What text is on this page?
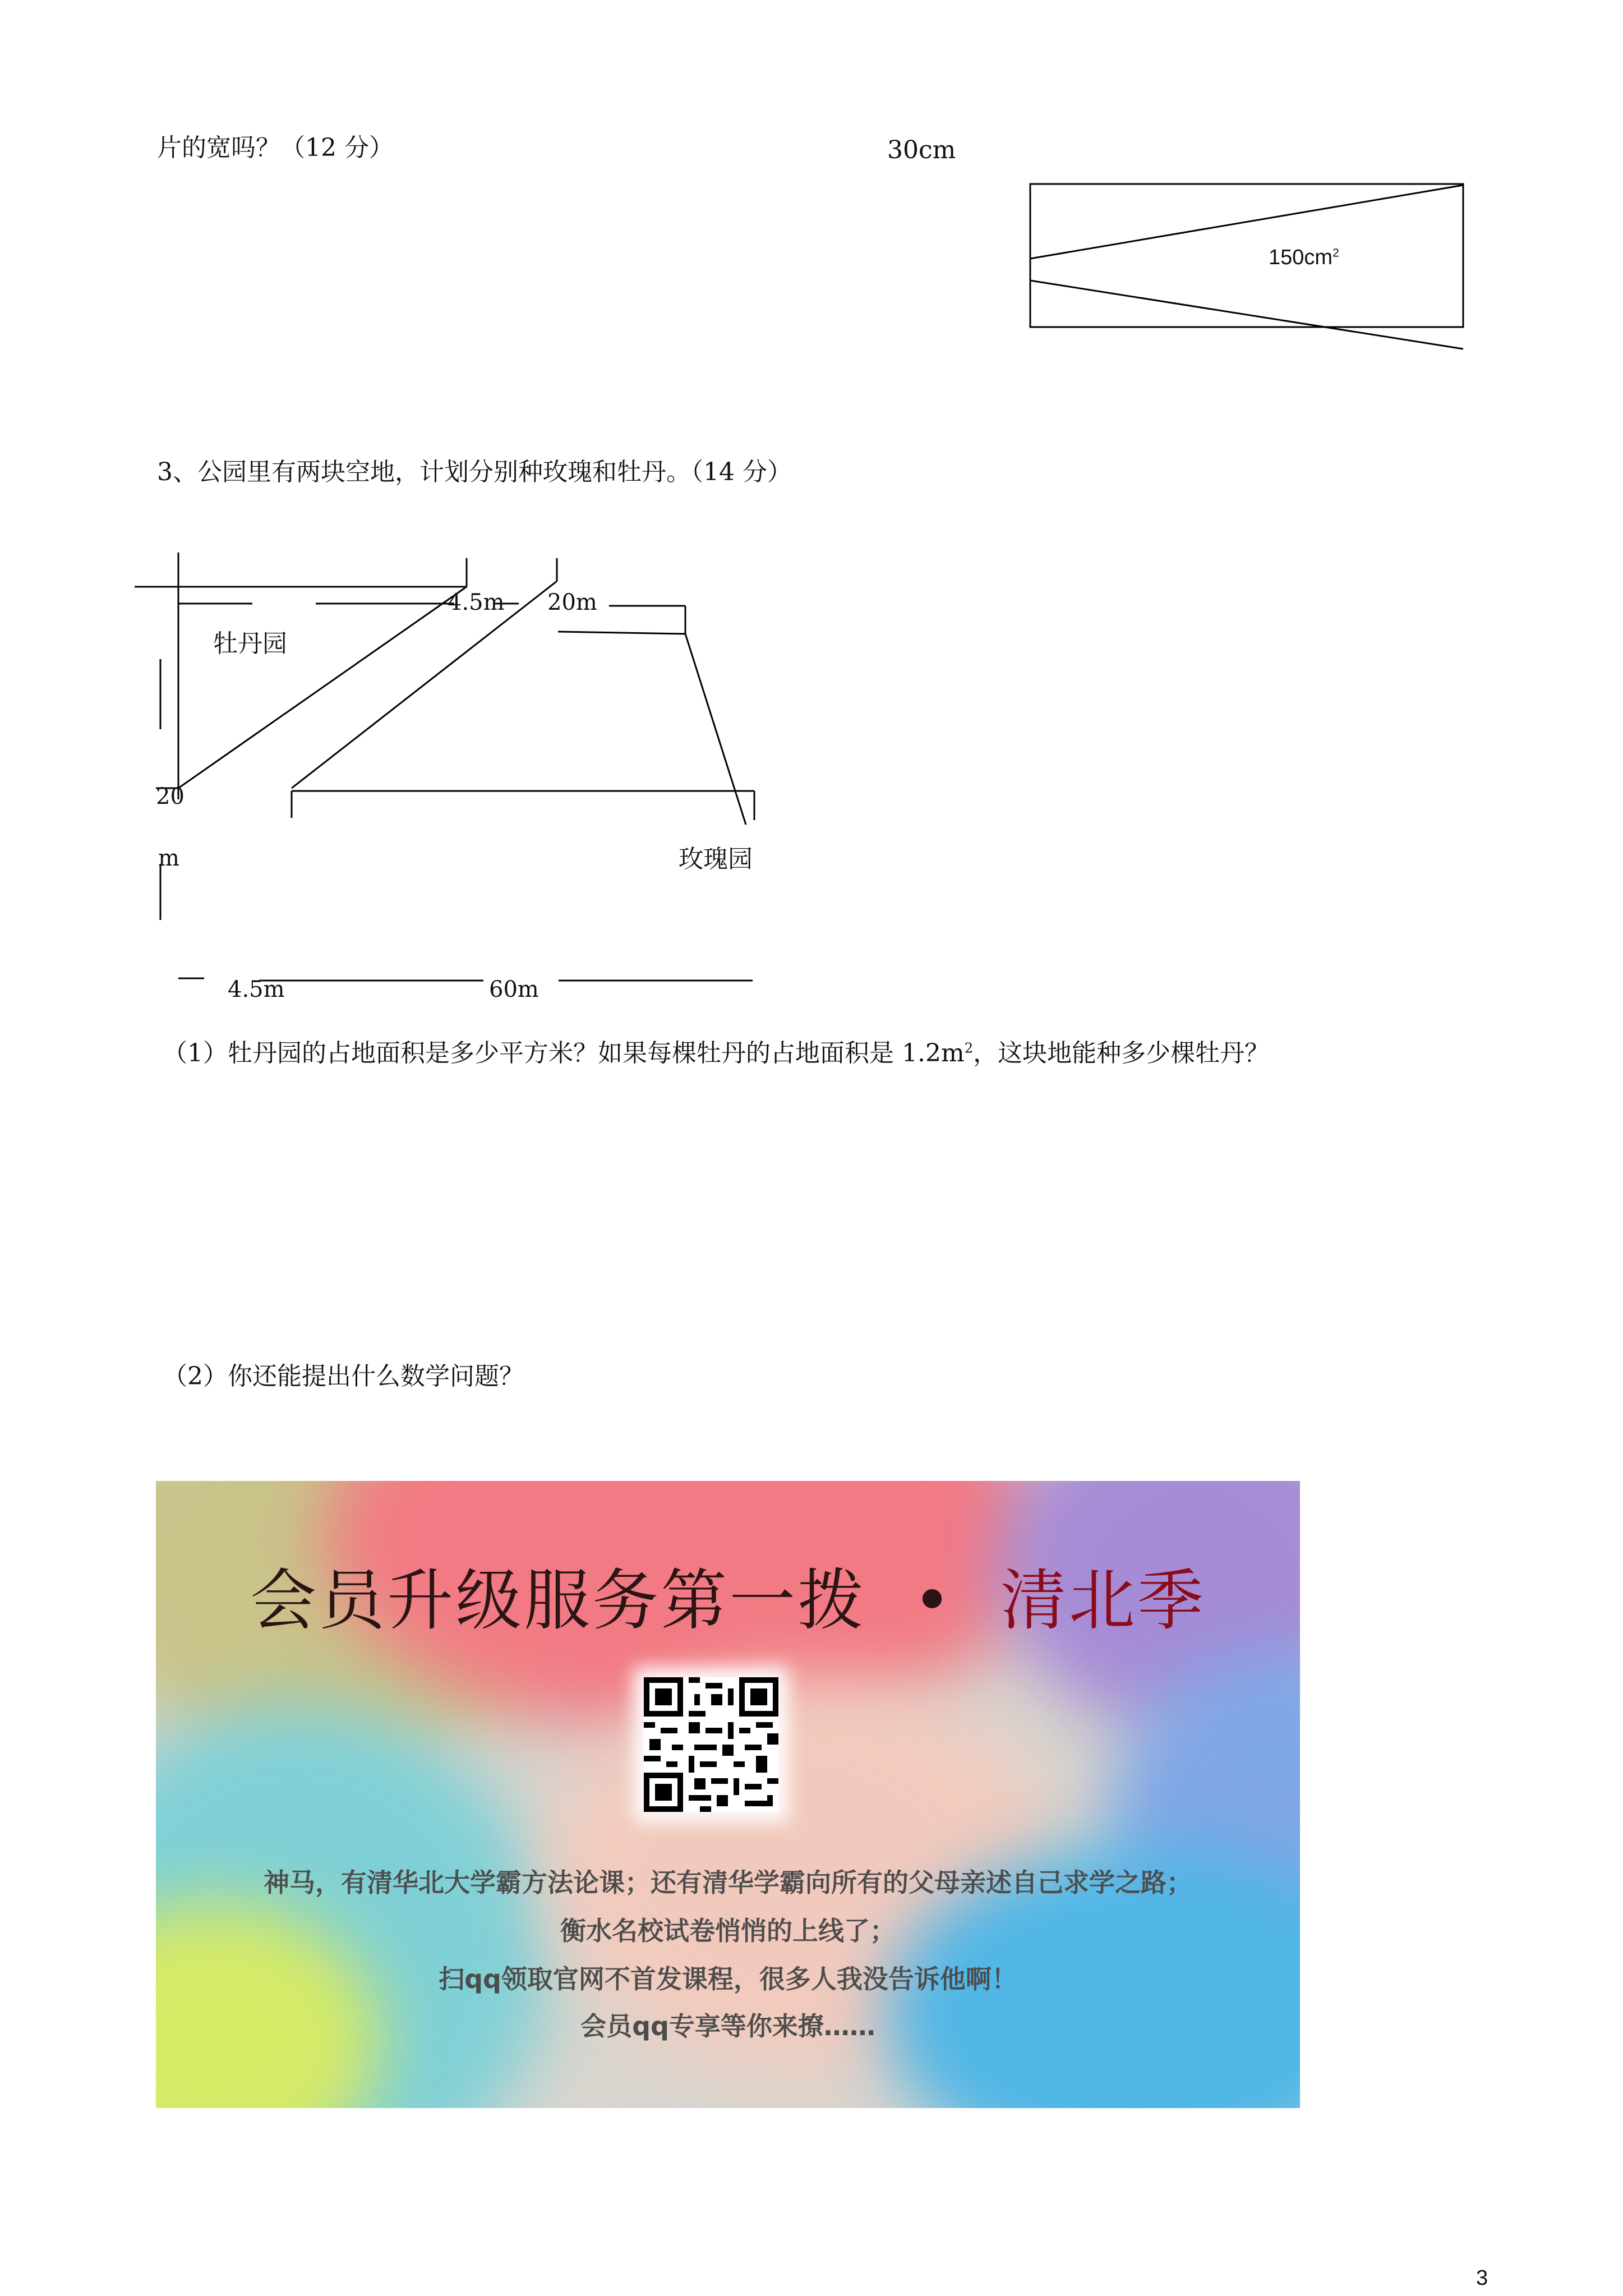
片的宽吗？（12 分）	30cm
$150cm^2$
3、公园里有两块空地，计划分别种玫瑰和牡丹。（14 分）
4.5m 20m
牡丹园
20
m	玫瑰园
4.5m	60m
（1）牡丹园的占地面积是多少平方米？如果每棵牡丹的占地面积是 $1.2m^2$，这块地能种多少棵牡丹？
（2）你还能提出什么数学问题？
会员升级服务第一拨 • 清北季
神马，有清华北大学霸方法论课；还有清华学霸向所有的父母亲述自己求学之路；
衡水名校试卷悄悄的上线了；
扫qq领取官网不首发课程，很多人我没告诉他啊！
会员qq专享等你来撩……
3
